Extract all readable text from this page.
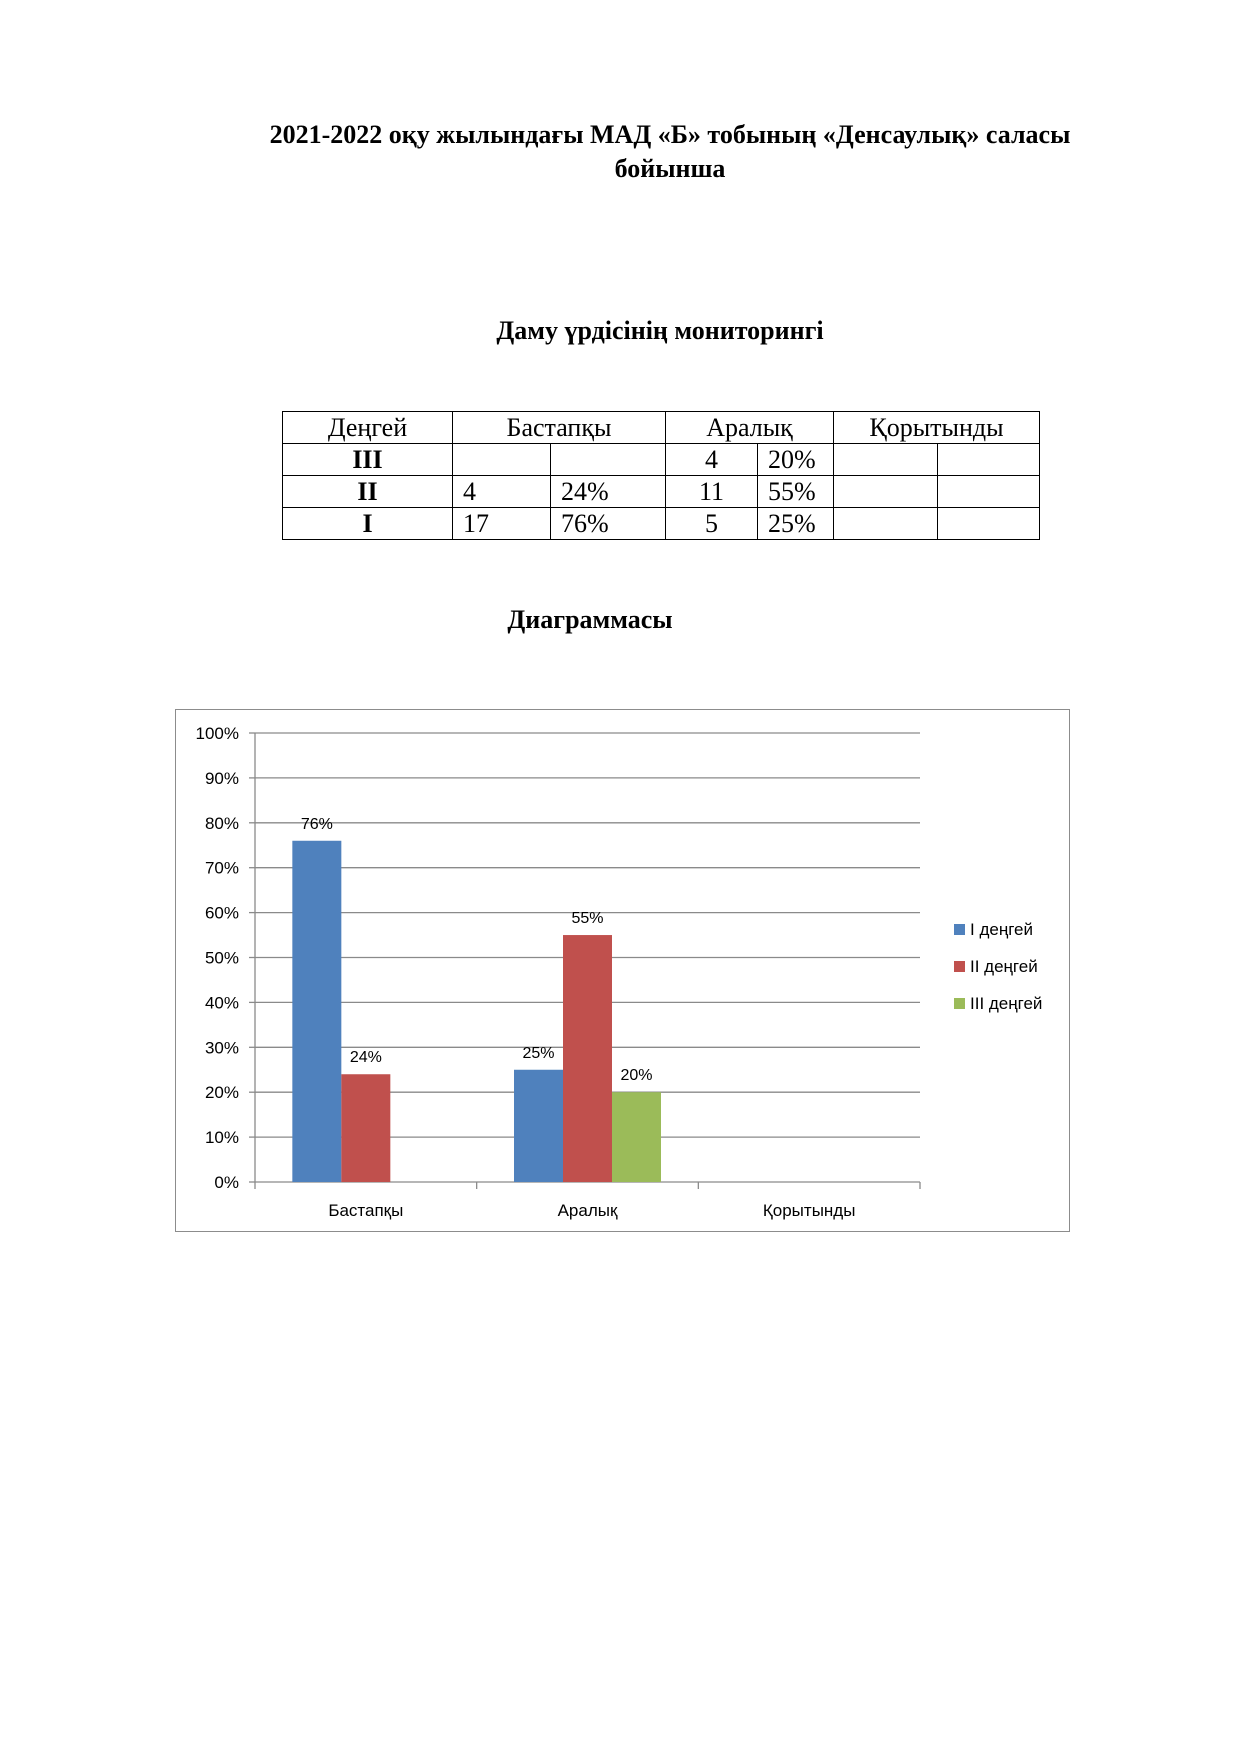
2021-2022 оқу жылындағы МАД «Б» тобының «Денсаулық» саласы
бойынша
Даму үрдісінің мониторингі
Деңгей	Бастапқы		Аралық		Қорытынды	
III			4	20%		
II	4	24%	11	55%		
I	17	76%	5	25%		
Диаграммасы
0%
10%
20%
30%
40%
50%
60%
70%
80%
90%
100%
Бастапқы	Аралық	Қорытынды
76%
25%
24%
55%
20%
I деңгей
II деңгей
III деңгей
